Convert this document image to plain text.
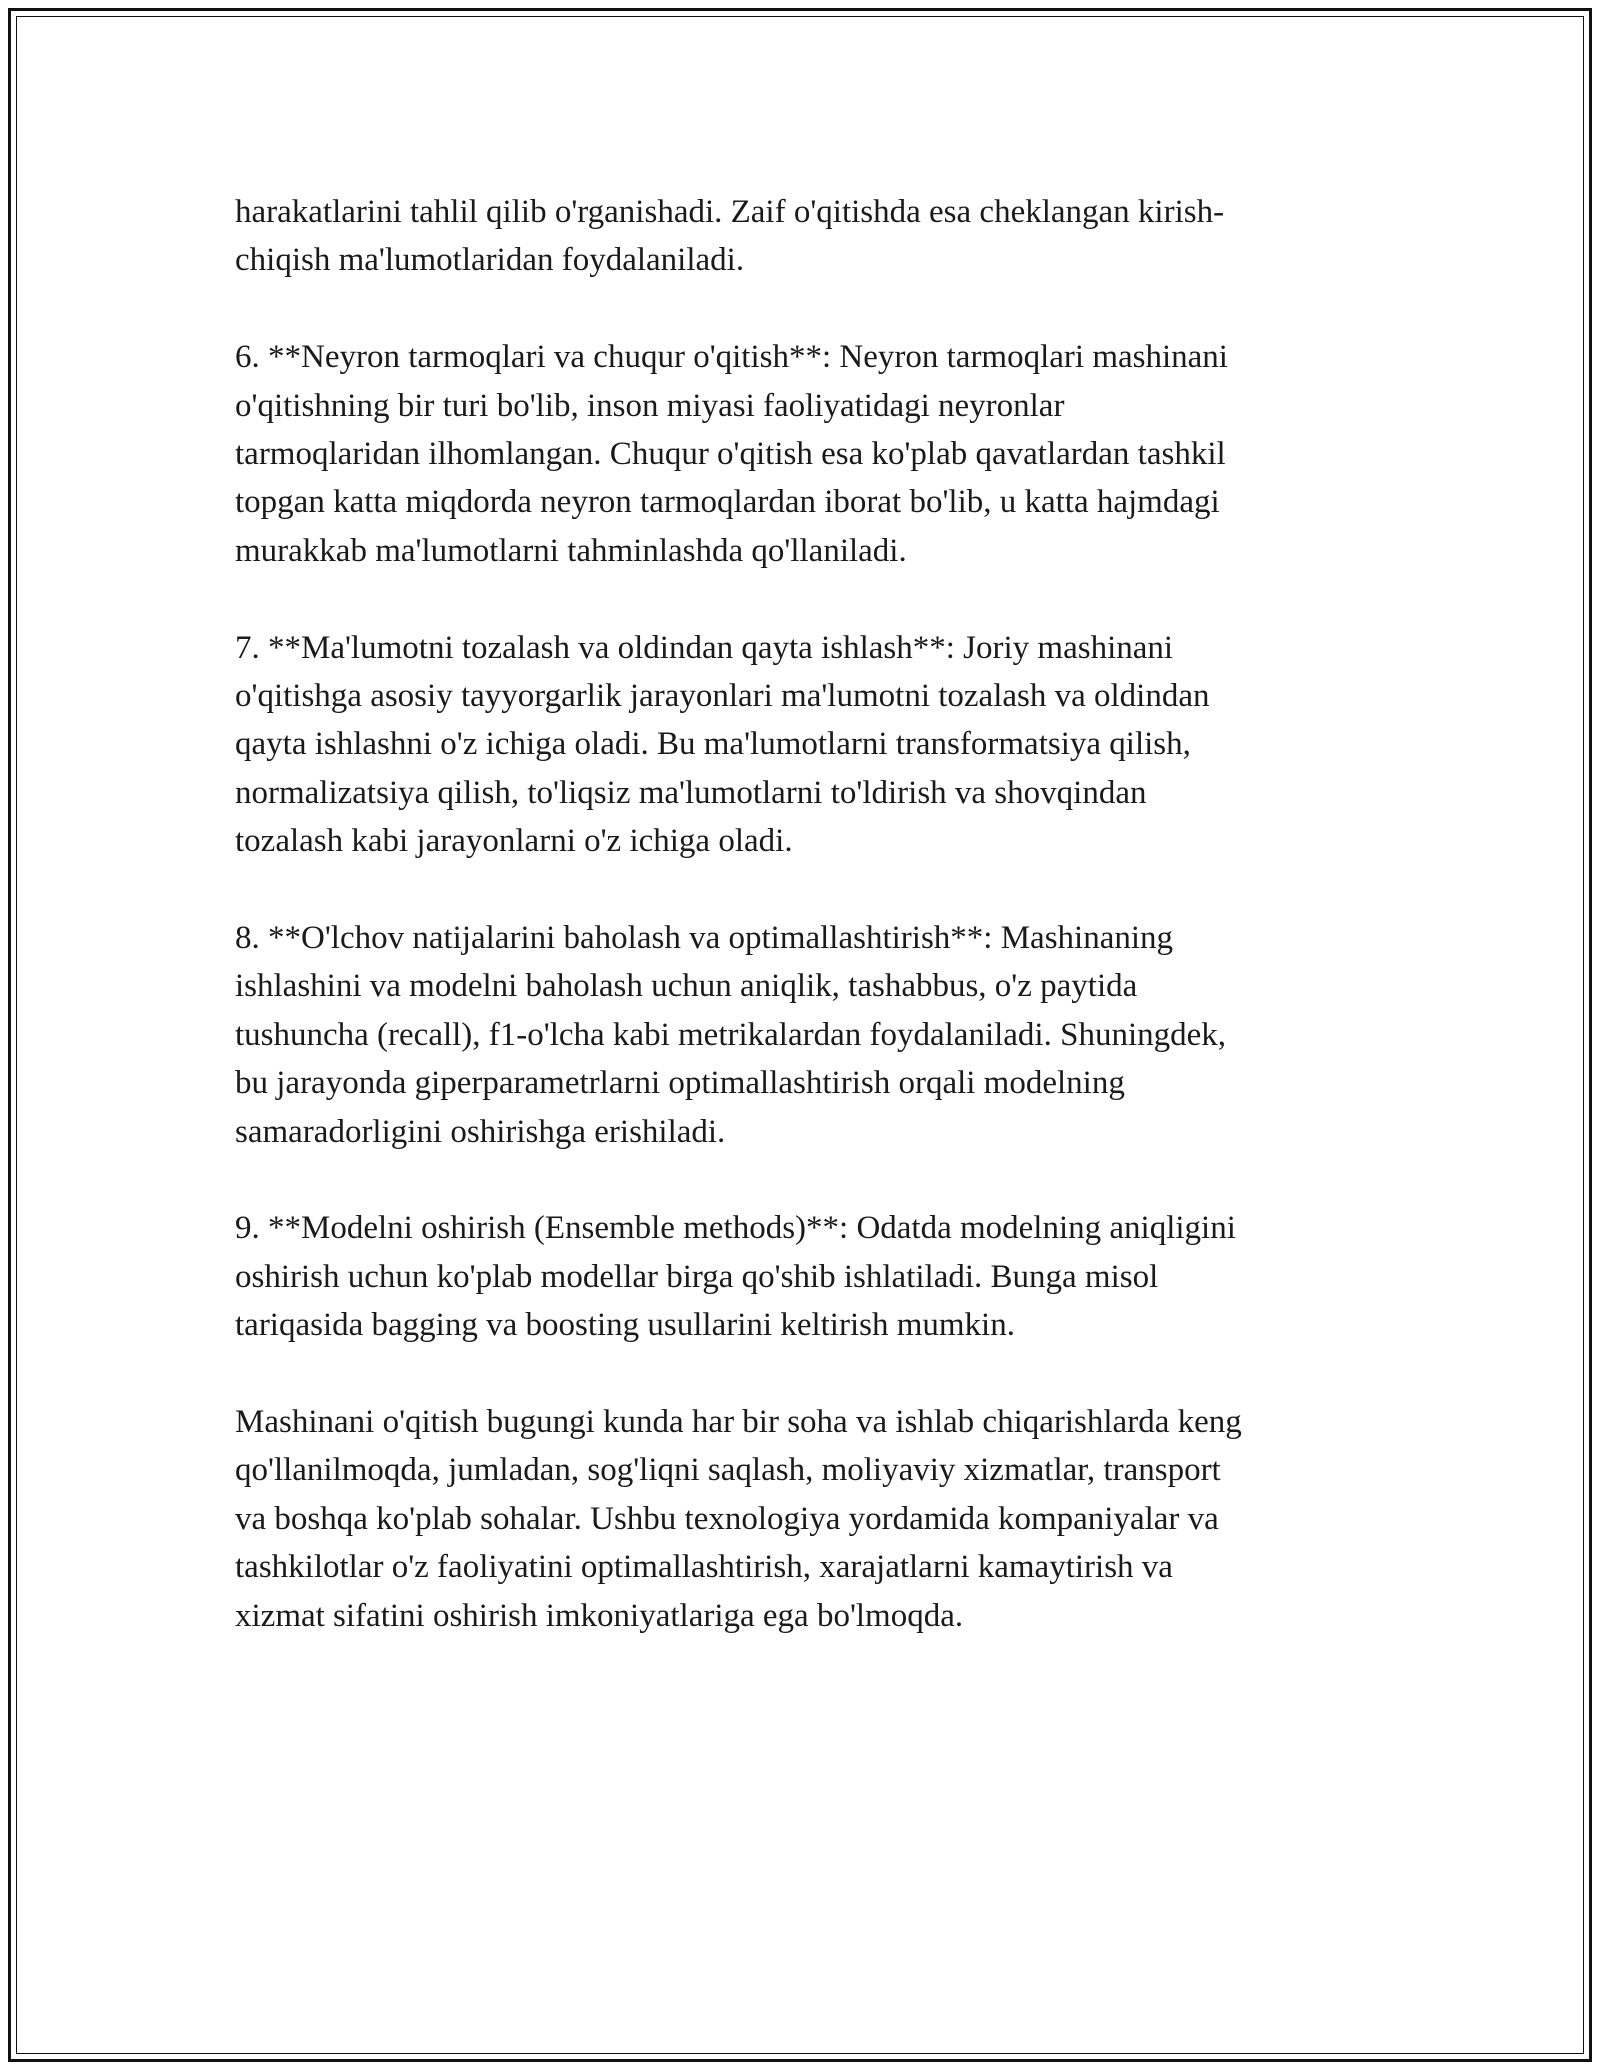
harakatlarini tahlil qilib o'rganishadi. Zaif o'qitishda esa cheklangan kirish-
chiqish ma'lumotlaridan foydalaniladi.

6. **Neyron tarmoqlari va chuqur o'qitish**: Neyron tarmoqlari mashinani
o'qitishning bir turi bo'lib, inson miyasi faoliyatidagi neyronlar
tarmoqlaridan ilhomlangan. Chuqur o'qitish esa ko'plab qavatlardan tashkil
topgan katta miqdorda neyron tarmoqlardan iborat bo'lib, u katta hajmdagi
murakkab ma'lumotlarni tahminlashda qo'llaniladi.

7. **Ma'lumotni tozalash va oldindan qayta ishlash**: Joriy mashinani
o'qitishga asosiy tayyorgarlik jarayonlari ma'lumotni tozalash va oldindan
qayta ishlashni o'z ichiga oladi. Bu ma'lumotlarni transformatsiya qilish,
normalizatsiya qilish, to'liqsiz ma'lumotlarni to'ldirish va shovqindan
tozalash kabi jarayonlarni o'z ichiga oladi.

8. **O'lchov natijalarini baholash va optimallashtirish**: Mashinaning
ishlashini va modelni baholash uchun aniqlik, tashabbus, o'z paytida
tushuncha (recall), f1-o'lcha kabi metrikalardan foydalaniladi. Shuningdek,
bu jarayonda giperparametrlarni optimallashtirish orqali modelning
samaradorligini oshirishga erishiladi.

9. **Modelni oshirish (Ensemble methods)**: Odatda modelning aniqligini
oshirish uchun ko'plab modellar birga qo'shib ishlatiladi. Bunga misol
tariqasida bagging va boosting usullarini keltirish mumkin.

Mashinani o'qitish bugungi kunda har bir soha va ishlab chiqarishlarda keng
qo'llanilmoqda, jumladan, sog'liqni saqlash, moliyaviy xizmatlar, transport
va boshqa ko'plab sohalar. Ushbu texnologiya yordamida kompaniyalar va
tashkilotlar o'z faoliyatini optimallashtirish, xarajatlarni kamaytirish va
xizmat sifatini oshirish imkoniyatlariga ega bo'lmoqda.
